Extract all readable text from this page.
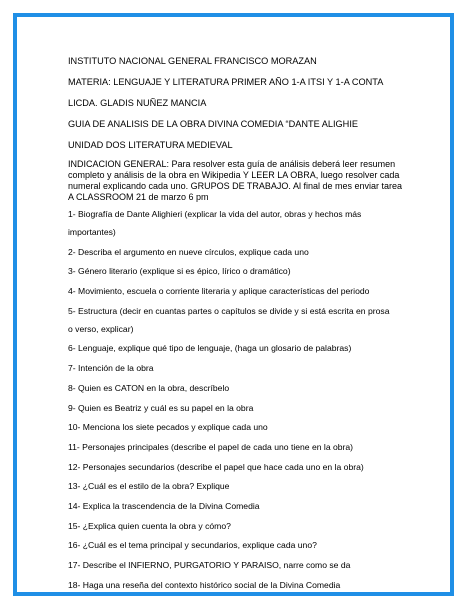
INSTITUTO NACIONAL GENERAL FRANCISCO MORAZAN
MATERIA: LENGUAJE Y LITERATURA PRIMER AÑO 1-A ITSI Y 1-A CONTA
LICDA. GLADIS NUÑEZ MANCIA
GUIA DE ANALISIS DE LA OBRA DIVINA COMEDIA “DANTE ALIGHIE
UNIDAD DOS LITERATURA MEDIEVAL
INDICACION GENERAL: Para resolver esta guía de análisis deberá leer resumen
completo y análisis de la obra en Wikipedia Y LEER LA OBRA, luego resolver cada
numeral explicando cada uno. GRUPOS DE TRABAJO. Al final de mes enviar tarea
A CLASSROOM 21 de marzo 6 pm
1- Biografía de Dante Alighieri (explicar la vida del autor, obras y hechos más
importantes)
2- Describa el argumento en nueve círculos, explique cada uno
3- Género literario (explique si es épico, lírico o dramático)
4- Movimiento, escuela o corriente literaria y aplique características del periodo
5- Estructura (decir en cuantas partes o capítulos se divide y si está escrita en prosa
o verso, explicar)
6- Lenguaje, explique qué tipo de lenguaje, (haga un glosario de palabras)
7- Intención de la obra
8- Quien es CATON en la obra, descríbelo
9- Quien es Beatriz y cuál es su papel en la obra
10- Menciona los siete pecados y explique cada uno
11- Personajes principales (describe el papel de cada uno tiene en la obra)
12- Personajes secundarios (describe el papel que hace cada uno en la obra)
13- ¿Cuál es el estilo de la obra? Explique
14- Explica la trascendencia de la Divina Comedia
15- ¿Explica quien cuenta la obra y cómo?
16- ¿Cuál es el tema principal y secundarios, explique cada uno?
17- Describe el INFIERNO, PURGATORIO Y PARAISO, narre como se da
18- Haga una reseña del contexto histórico social de la Divina Comedia
